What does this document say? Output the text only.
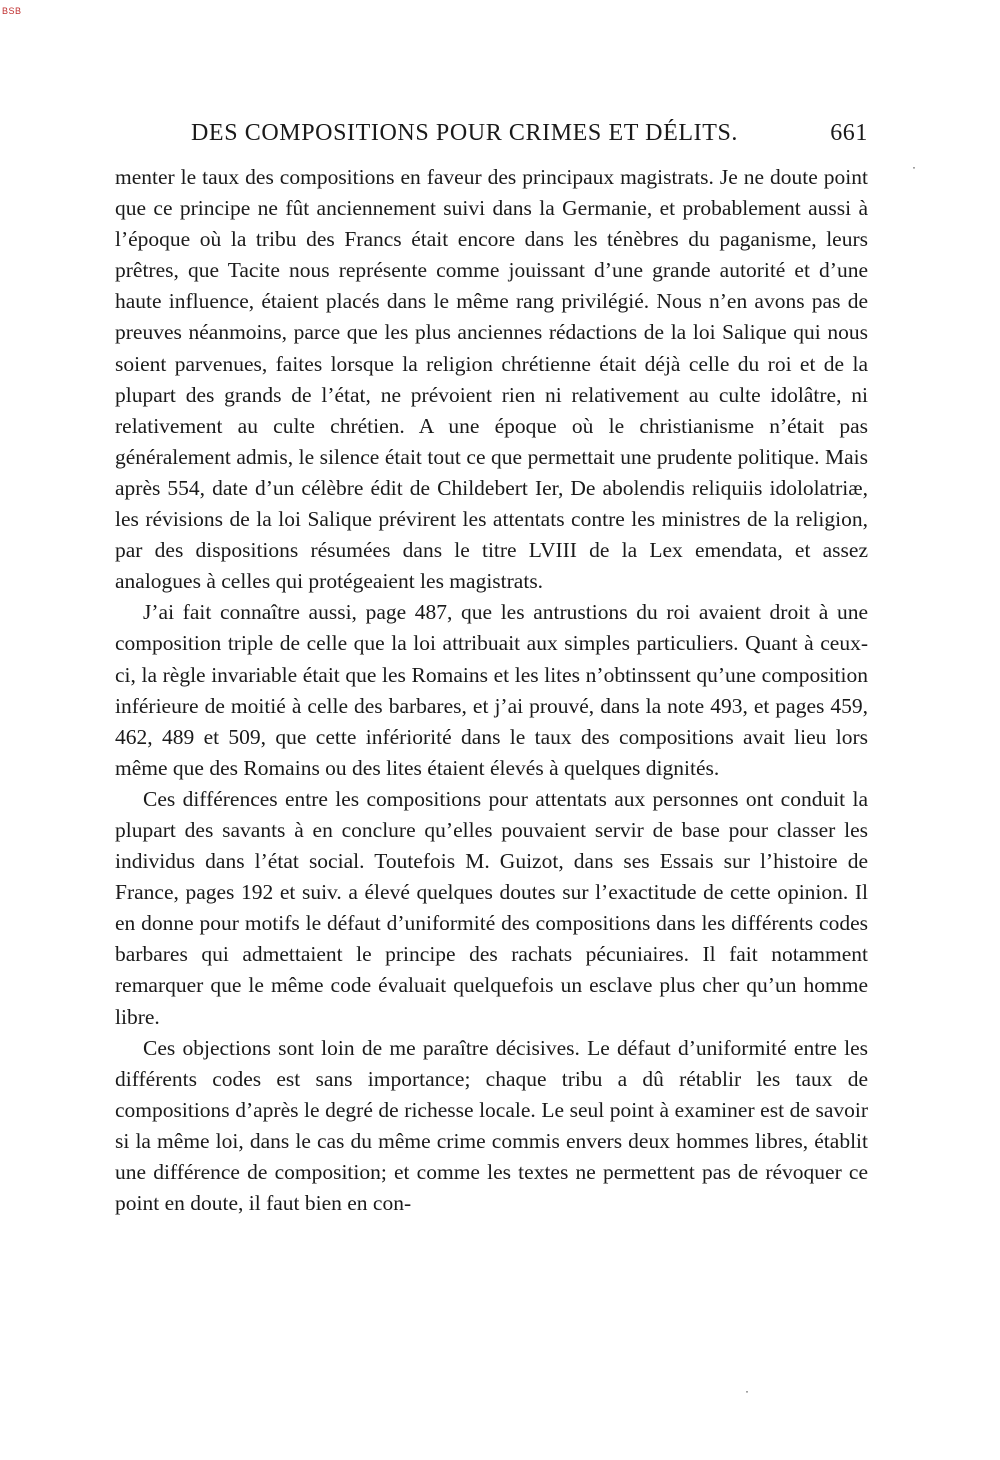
BSB
DES COMPOSITIONS POUR CRIMES ET DÉLITS.	661
·
·

menter le taux des compositions en faveur des principaux magistrats. Je ne doute point que ce principe ne fût anciennement suivi dans la Germanie, et probablement aussi à l’époque où la tribu des Francs était encore dans les ténèbres du paganisme, leurs prêtres, que Tacite nous représente comme jouissant d’une grande autorité et d’une haute influence, étaient placés dans le même rang privilégié. Nous n’en avons pas de preuves néanmoins, parce que les plus anciennes rédactions de la loi Salique qui nous soient parvenues, faites lorsque la religion chrétienne était déjà celle du roi et de la plupart des grands de l’état, ne prévoient rien ni relativement au culte idolâtre, ni relativement au culte chrétien. A une époque où le christianisme n’était pas généralement admis, le silence était tout ce que permettait une prudente politique. Mais après 554, date d’un célèbre édit de Childebert Ier, De abolendis reliquiis idololatriæ, les révisions de la loi Salique prévirent les attentats contre les ministres de la religion, par des dispositions résumées dans le titre LVIII de la Lex emendata, et assez analogues à celles qui protégeaient les magistrats.

J’ai fait connaître aussi, page 487, que les antrustions du roi avaient droit à une composition triple de celle que la loi attribuait aux simples particuliers. Quant à ceux-ci, la règle invariable était que les Romains et les lites n’obtinssent qu’une composition inférieure de moitié à celle des barbares, et j’ai prouvé, dans la note 493, et pages 459, 462, 489 et 509, que cette infériorité dans le taux des compositions avait lieu lors même que des Romains ou des lites étaient élevés à quelques dignités.

Ces différences entre les compositions pour attentats aux personnes ont conduit la plupart des savants à en conclure qu’elles pouvaient servir de base pour classer les individus dans l’état social. Toutefois M. Guizot, dans ses Essais sur l’histoire de France, pages 192 et suiv. a élevé quelques doutes sur l’exactitude de cette opinion. Il en donne pour motifs le défaut d’uniformité des compositions dans les différents codes barbares qui admettaient le principe des rachats pécuniaires. Il fait notamment remarquer que le même code évaluait quelquefois un esclave plus cher qu’un homme libre.

Ces objections sont loin de me paraître décisives. Le défaut d’uniformité entre les différents codes est sans importance; chaque tribu a dû rétablir les taux de compositions d’après le degré de richesse locale. Le seul point à examiner est de savoir si la même loi, dans le cas du même crime commis envers deux hommes libres, établit une différence de composition; et comme les textes ne permettent pas de révoquer ce point en doute, il faut bien en con-
